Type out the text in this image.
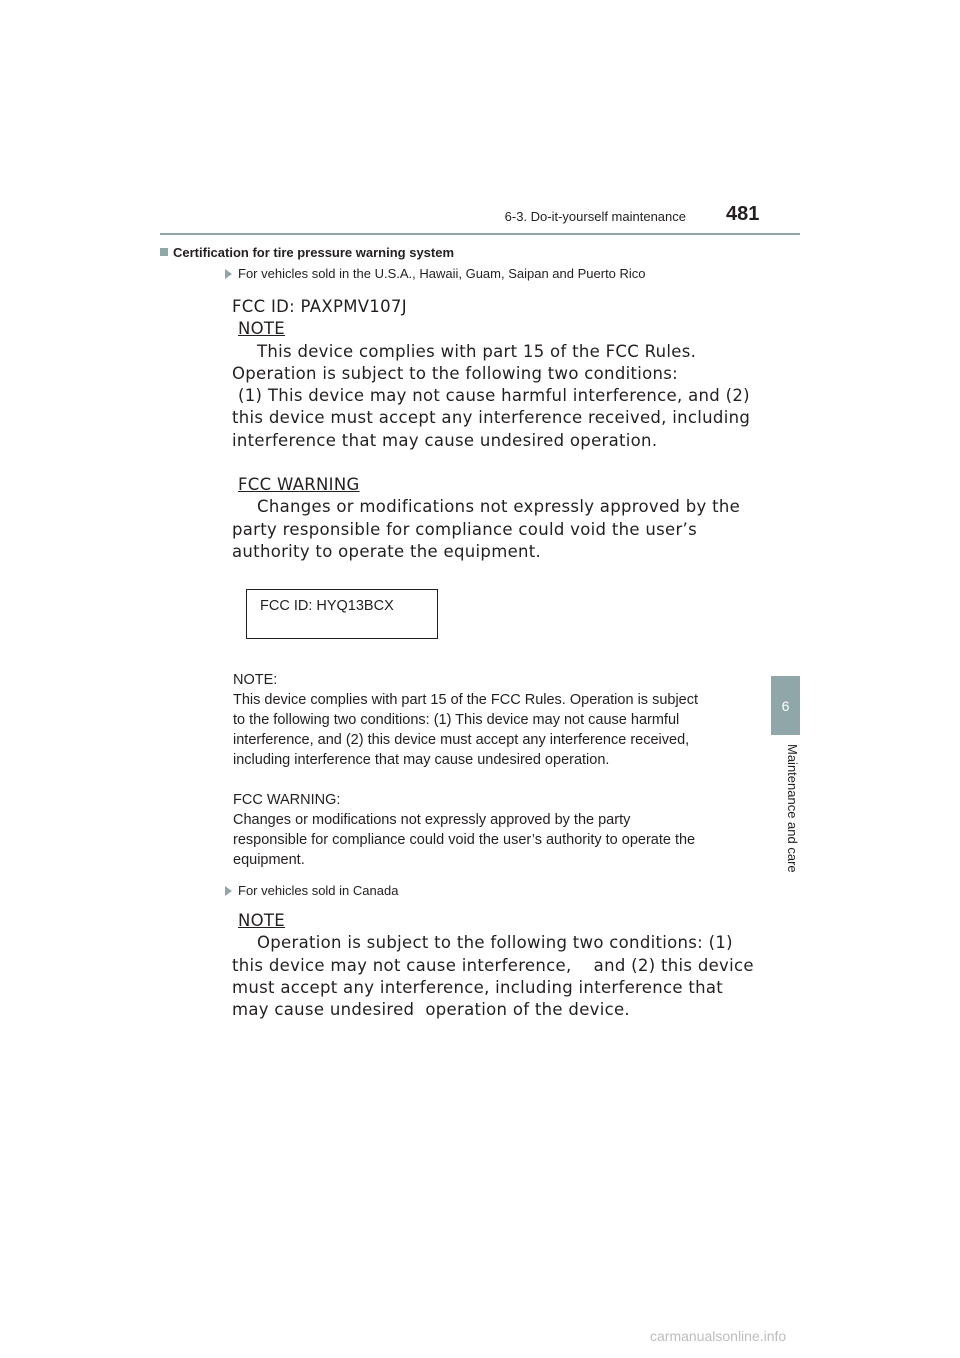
6-3. Do-it-yourself maintenance 481
6
Maintenance and care
Certification for tire pressure warning system
For vehicles sold in the U.S.A., Hawaii, Guam, Saipan and Puerto Rico
FCC ID: PAXPMV107J
NOTE
This device complies with part 15 of the FCC Rules.
Operation is subject to the following two conditions:
(1) This device may not cause harmful interference, and (2)
this device must accept any interference received, including
interference that may cause undesired operation.
FCC WARNING
Changes or modifications not expressly approved by the
party responsible for compliance could void the user’s
authority to operate the equipment.
FCC ID: HYQ13BCX
NOTE:
This device complies with part 15 of the FCC Rules. Operation is subject
to the following two conditions: (1) This device may not cause harmful
interference, and (2) this device must accept any interference received,
including interference that may cause undesired operation.
FCC WARNING:
Changes or modifications not expressly approved by the party
responsible for compliance could void the user’s authority to operate the
equipment.
For vehicles sold in Canada
NOTE
Operation is subject to the following two conditions: (1)
this device may not cause interference,    and (2) this device
must accept any interference, including interference that
may cause undesired  operation of the device.
carmanualsonline.info
